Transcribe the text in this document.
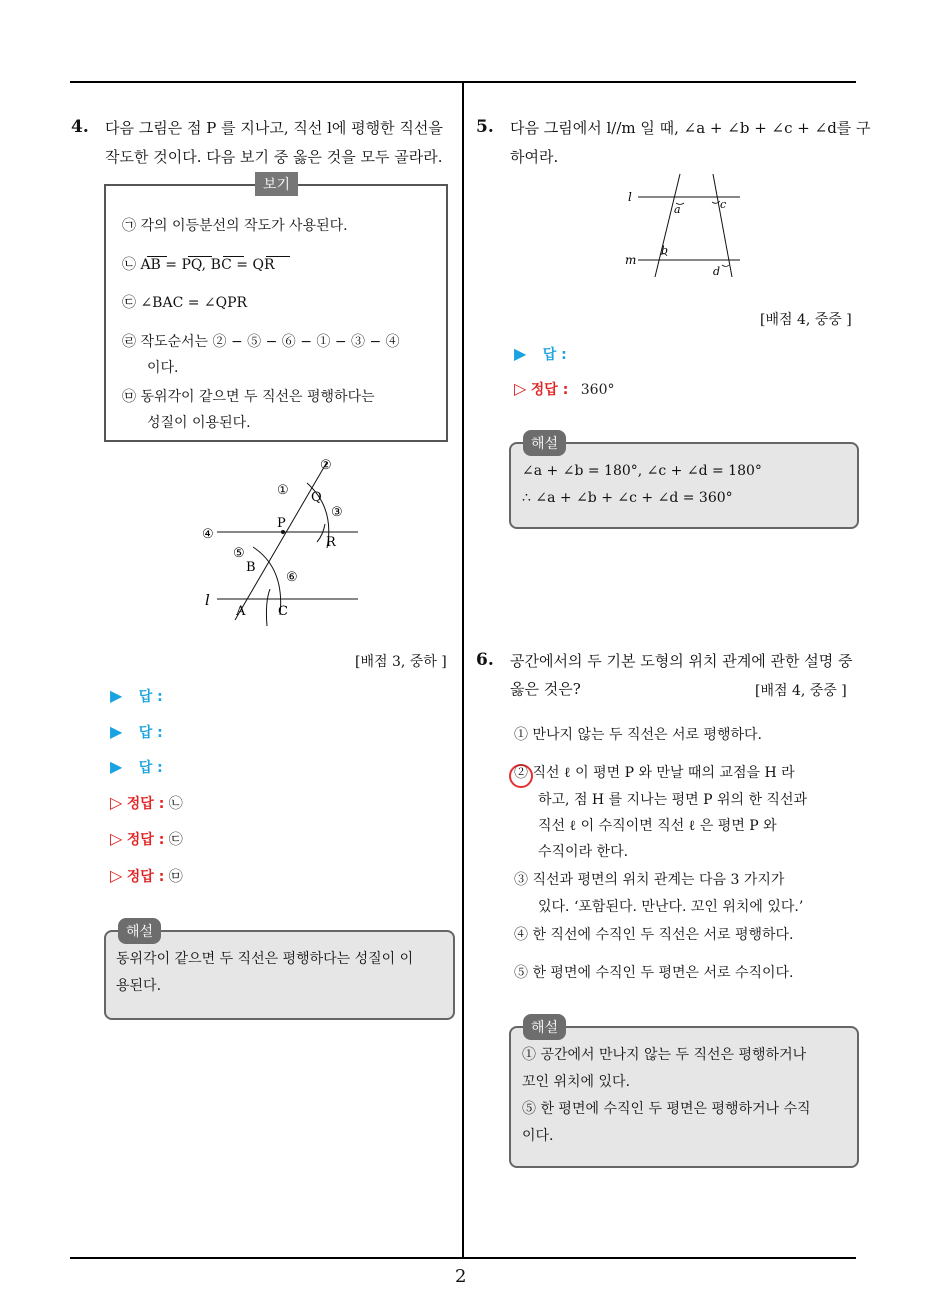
2
4. 다음 그림은 점 P 를 지나고, 직선 l에 평행한 직선을
작도한 것이다. 다음 보기 중 옳은 것을 모두 골라라.
보기
㉠ 각의 이등분선의 작도가 사용된다.
㉡ AB = PQ, BC = QR
㉢ ∠BAC = ∠QPR
㉣ 작도순서는 ② − ⑤ − ⑥ − ① − ③ − ④
이다.
㉤ 동위각이 같으면 두 직선은 평행하다는
성질이 이용된다.
②
① Q
③
P
R
④
⑤
B
⑥
l
A	C
[배점 3, 중하 ]
▶ 답 :
▶ 답 :
▶ 답 :
▷ 정답 : ㉡
▷ 정답 : ㉢
▷ 정답 : ㉤
해설
동위각이 같으면 두 직선은 평행하다는 성질이 이
용된다.
5. 다음 그림에서 l//m 일 때, ∠a + ∠b + ∠c + ∠d를 구
하여라.
l
m
a
b
c
d
[배점 4, 중중 ]
▶ 답 :
▷ 정답 : 360°
해설
∠a + ∠b = 180°, ∠c + ∠d = 180°
∴ ∠a + ∠b + ∠c + ∠d = 360°
6. 공간에서의 두 기본 도형의 위치 관계에 관한 설명 중
옳은 것은?	[배점 4, 중중 ]
① 만나지 않는 두 직선은 서로 평행하다.
② 직선 ℓ 이 평면 P 와 만날 때의 교점을 H 라
하고, 점 H 를 지나는 평면 P 위의 한 직선과
직선 ℓ 이 수직이면 직선 ℓ 은 평면 P 와
수직이라 한다.
③ 직선과 평면의 위치 관계는 다음 3 가지가
있다. ‘포함된다. 만난다. 꼬인 위치에 있다.’
④ 한 직선에 수직인 두 직선은 서로 평행하다.
⑤ 한 평면에 수직인 두 평면은 서로 수직이다.
해설
① 공간에서 만나지 않는 두 직선은 평행하거나
꼬인 위치에 있다.
⑤ 한 평면에 수직인 두 평면은 평행하거나 수직
이다.
